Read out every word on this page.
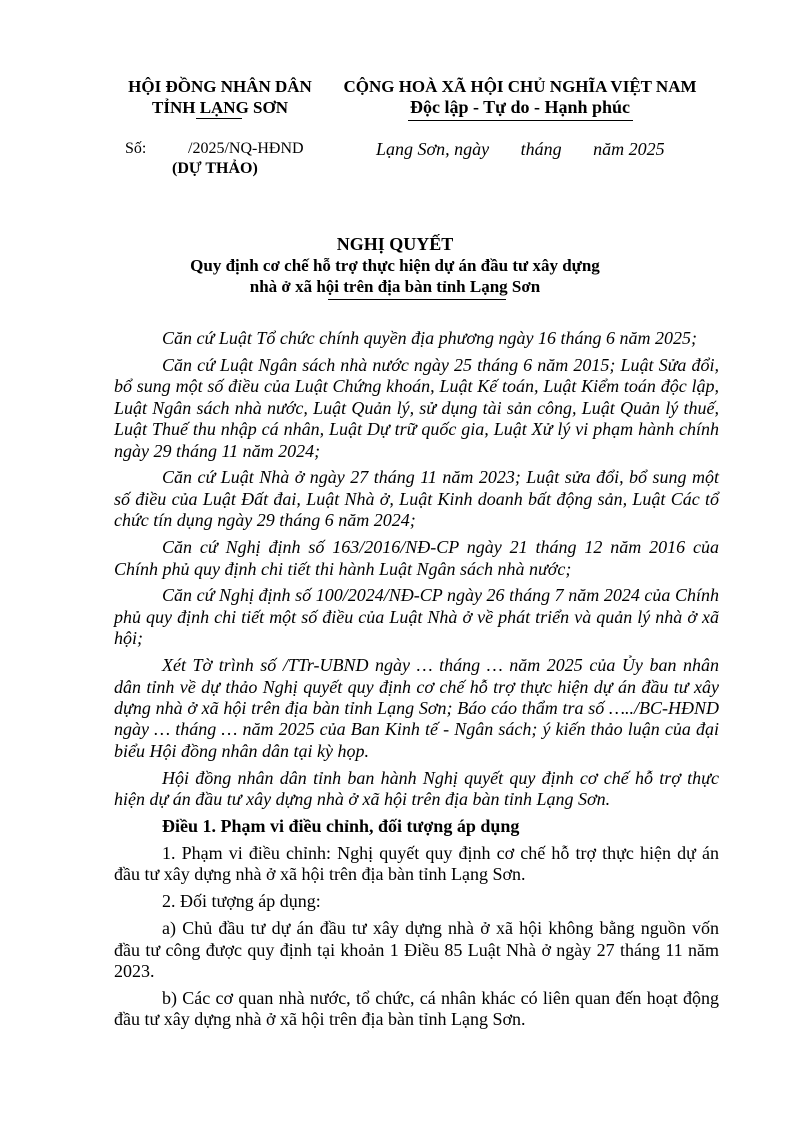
HỘI ĐỒNG NHÂN DÂN
TỈNH LẠNG SƠN
CỘNG HOÀ XÃ HỘI CHỦ NGHĨA VIỆT NAM
Độc lập - Tự do - Hạnh phúc
Số:	/2025/NQ-HĐND
(DỰ THẢO)
Lạng Sơn, ngày       tháng       năm 2025
NGHỊ QUYẾT
Quy định cơ chế hỗ trợ thực hiện dự án đầu tư xây dựng
nhà ở xã hội trên địa bàn tỉnh Lạng Sơn

Căn cứ Luật Tổ chức chính quyền địa phương ngày 16 tháng 6 năm 2025;

Căn cứ Luật Ngân sách nhà nước ngày 25 tháng 6 năm 2015; Luật Sửa đổi, bổ sung một số điều của Luật Chứng khoán, Luật Kế toán, Luật Kiểm toán độc lập, Luật Ngân sách nhà nước, Luật Quản lý, sử dụng tài sản công, Luật Quản lý thuế, Luật Thuế thu nhập cá nhân, Luật Dự trữ quốc gia, Luật Xử lý vi phạm hành chính ngày 29 tháng 11 năm 2024;

Căn cứ Luật Nhà ở ngày 27 tháng 11 năm 2023; Luật sửa đổi, bổ sung một số điều của Luật Đất đai, Luật Nhà ở, Luật Kinh doanh bất động sản, Luật Các tổ chức tín dụng ngày 29 tháng 6 năm 2024;

Căn cứ Nghị định số 163/2016/NĐ-CP ngày 21 tháng 12 năm 2016 của Chính phủ quy định chi tiết thi hành Luật Ngân sách nhà nước;

Căn cứ Nghị định số 100/2024/NĐ-CP ngày 26 tháng 7 năm 2024 của Chính phủ quy định chi tiết một số điều của Luật Nhà ở về phát triển và quản lý nhà ở xã hội;

Xét Tờ trình số /TTr-UBND ngày … tháng … năm 2025 của Ủy ban nhân dân tỉnh về dự thảo Nghị quyết quy định cơ chế hỗ trợ thực hiện dự án đầu tư xây dựng nhà ở xã hội trên địa bàn tỉnh Lạng Sơn; Báo cáo thẩm tra số …../BC-HĐND ngày … tháng … năm 2025 của Ban Kinh tế - Ngân sách; ý kiến thảo luận của đại biểu Hội đồng nhân dân tại kỳ họp.

Hội đồng nhân dân tỉnh ban hành Nghị quyết quy định cơ chế hỗ trợ thực hiện dự án đầu tư xây dựng nhà ở xã hội trên địa bàn tỉnh Lạng Sơn.

Điều 1. Phạm vi điều chỉnh, đối tượng áp dụng

1. Phạm vi điều chỉnh: Nghị quyết quy định cơ chế hỗ trợ thực hiện dự án đầu tư xây dựng nhà ở xã hội trên địa bàn tỉnh Lạng Sơn.

2. Đối tượng áp dụng:

a) Chủ đầu tư dự án đầu tư xây dựng nhà ở xã hội không bằng nguồn vốn đầu tư công được quy định tại khoản 1 Điều 85 Luật Nhà ở ngày 27 tháng 11 năm 2023.

b) Các cơ quan nhà nước, tổ chức, cá nhân khác có liên quan đến hoạt động đầu tư xây dựng nhà ở xã hội trên địa bàn tỉnh Lạng Sơn.
